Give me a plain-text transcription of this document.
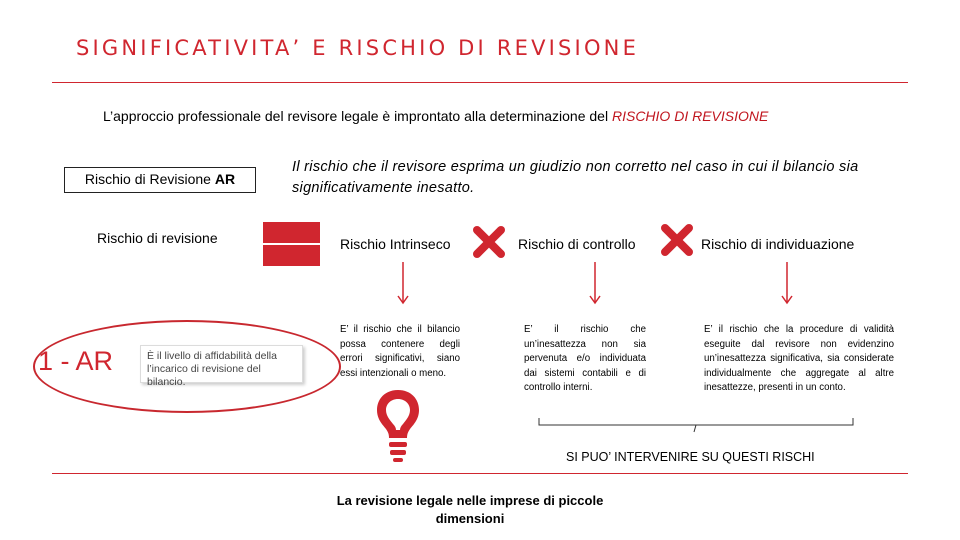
SIGNIFICATIVITA’ E RISCHIO DI REVISIONE
L’approccio professionale del revisore legale è improntato alla determinazione del RISCHIO DI REVISIONE
Rischio di Revisione AR
Il rischio che il revisore esprima un giudizio non corretto nel caso in cui il bilancio sia significativamente inesatto.
Rischio di revisione	Rischio Intrinseco	Rischio di controllo	Rischio di individuazione
E’ il rischio che il bilancio possa contenere degli errori significativi, siano essi intenzionali o meno.
E’ il rischio che un’inesattezza non sia pervenuta e/o individuata dai sistemi contabili e di controllo interni.
E’ il rischio che la procedure di validità eseguite dal revisore non evidenzino un’inesattezza significativa, sia considerate individualmente che aggregate al altre inesattezze, presenti in un conto.
1 - AR	È il livello di affidabilità della l’incarico di revisione del bilancio.
SI PUO’ INTERVENIRE SU QUESTI RISCHI
La revisione legale nelle imprese di piccole dimensioni
